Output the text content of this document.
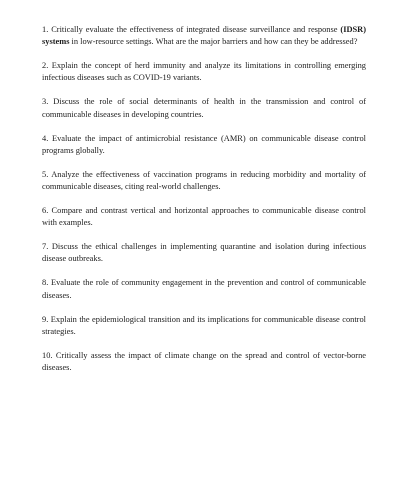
1. Critically evaluate the effectiveness of integrated disease surveillance and response (IDSR) systems in low-resource settings. What are the major barriers and how can they be addressed?

2. Explain the concept of herd immunity and analyze its limitations in controlling emerging infectious diseases such as COVID-19 variants.

3. Discuss the role of social determinants of health in the transmission and control of communicable diseases in developing countries.

4. Evaluate the impact of antimicrobial resistance (AMR) on communicable disease control programs globally.

5. Analyze the effectiveness of vaccination programs in reducing morbidity and mortality of communicable diseases, citing real-world challenges.

6. Compare and contrast vertical and horizontal approaches to communicable disease control with examples.

7. Discuss the ethical challenges in implementing quarantine and isolation during infectious disease outbreaks.

8. Evaluate the role of community engagement in the prevention and control of communicable diseases.

9. Explain the epidemiological transition and its implications for communicable disease control strategies.

10. Critically assess the impact of climate change on the spread and control of vector-borne diseases.
